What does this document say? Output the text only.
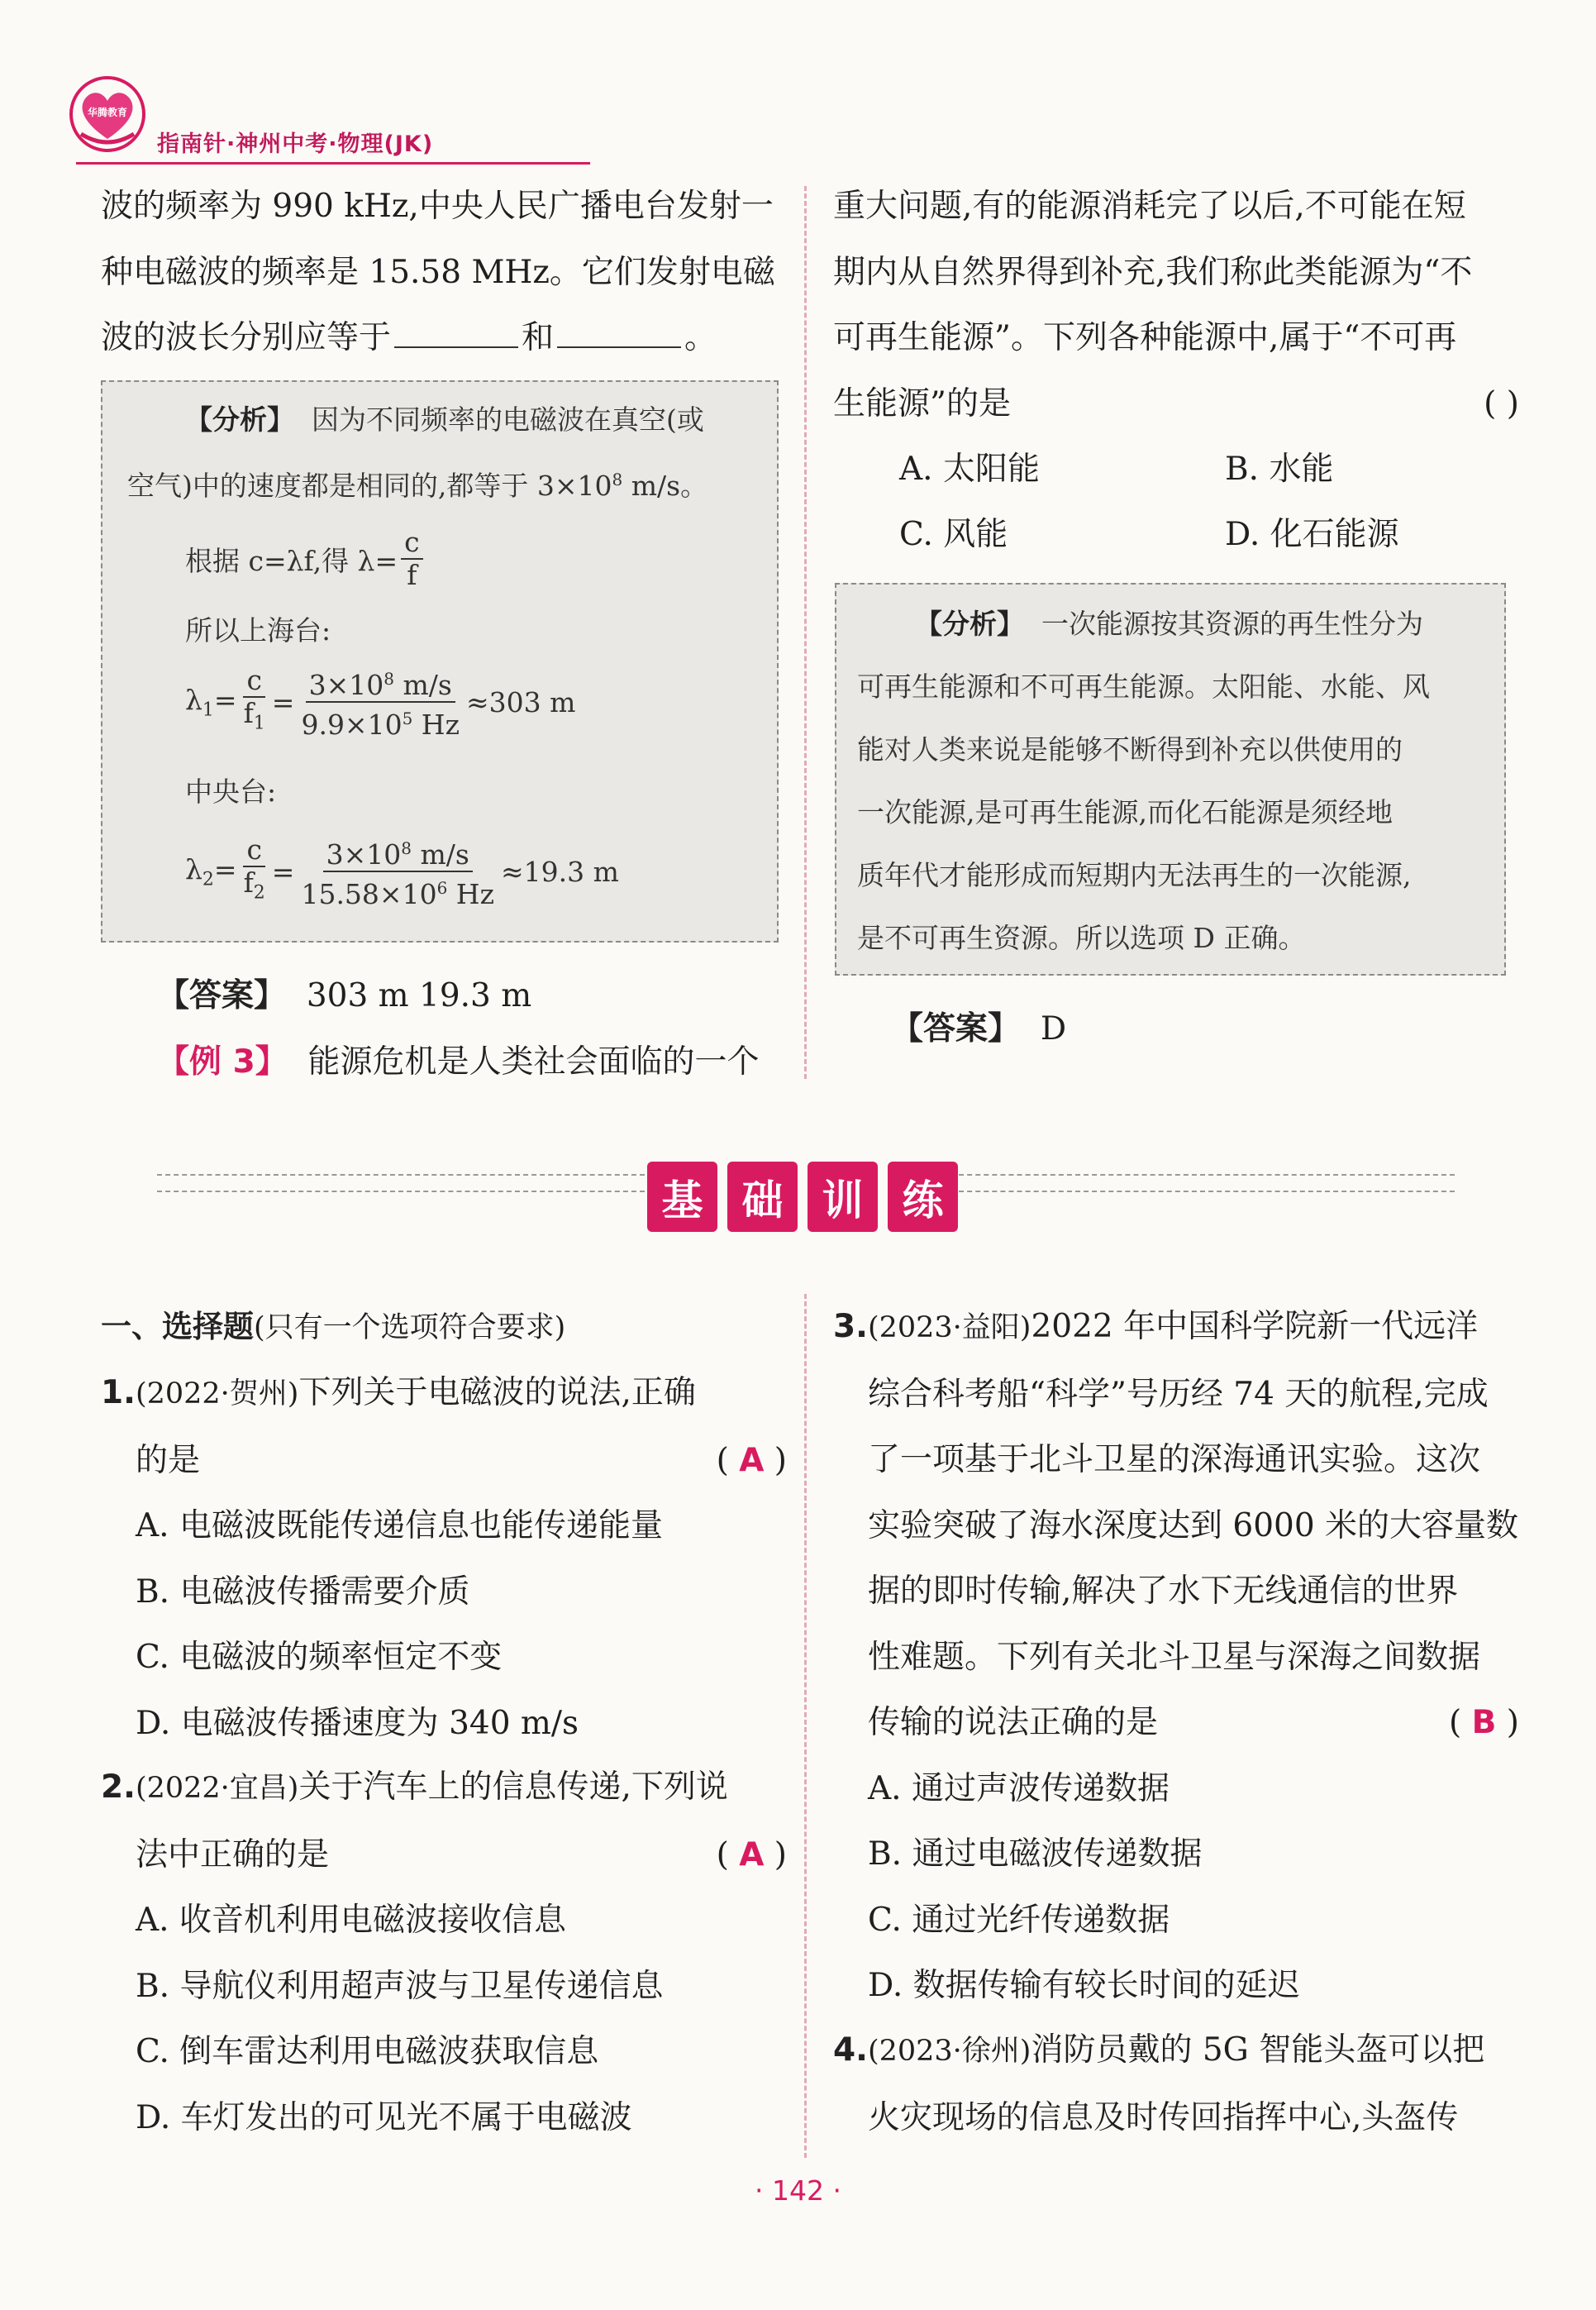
华腾教育
指南针·神州中考·物理(JK)
波的频率为 990 kHz,中央人民广播电台发射一
种电磁波的频率是 15.58 MHz。它们发射电磁
波的波长分别应等于	和	。
【分析】 因为不同频率的电磁波在真空(或
空气)中的速度都是相同的,都等于 $3\times 10^8$ m/s。
根据 c=λf,得 $\lambda= \frac{c}{f}$
所以上海台:
$\lambda_1= \frac{c}{f_1} = \frac{3\times 10^8 m/s}{9.9\times 10^5 Hz} \approx 303$ m
中央台:
$\lambda_2= \frac{c}{f_2} = \frac{3\times 10^8 m/s}{15.58\times 10^6 Hz} \approx 19.3$ m
【答案】 303 m 19.3 m
【例 3】 能源危机是人类社会面临的一个
重大问题,有的能源消耗完了以后,不可能在短
期内从自然界得到补充,我们称此类能源为“不
可再生能源”。下列各种能源中,属于“不可再
生能源”的是	( )
A. 太阳能	B. 水能
C. 风能	D. 化石能源
【分析】 一次能源按其资源的再生性分为
可再生能源和不可再生能源。太阳能、水能、风
能对人类来说是能够不断得到补充以供使用的
一次能源,是可再生能源,而化石能源是须经地
质年代才能形成而短期内无法再生的一次能源,
是不可再生资源。所以选项 D 正确。
【答案】 D
基 础 训 练
一、选择题(只有一个选项符合要求)
1.(2022·贺州)下列关于电磁波的说法,正确
的是	( A )
A. 电磁波既能传递信息也能传递能量
B. 电磁波传播需要介质
C. 电磁波的频率恒定不变
D. 电磁波传播速度为 340 m/s
2.(2022·宜昌)关于汽车上的信息传递,下列说
法中正确的是	( A )
A. 收音机利用电磁波接收信息
B. 导航仪利用超声波与卫星传递信息
C. 倒车雷达利用电磁波获取信息
D. 车灯发出的可见光不属于电磁波
3.(2023·益阳)2022 年中国科学院新一代远洋
综合科考船“科学”号历经 74 天的航程,完成
了一项基于北斗卫星的深海通讯实验。这次
实验突破了海水深度达到 6000 米的大容量数
据的即时传输,解决了水下无线通信的世界
性难题。下列有关北斗卫星与深海之间数据
传输的说法正确的是	( B )
A. 通过声波传递数据
B. 通过电磁波传递数据
C. 通过光纤传递数据
D. 数据传输有较长时间的延迟
4.(2023·徐州)消防员戴的 5G 智能头盔可以把
火灾现场的信息及时传回指挥中心,头盔传
· 142 ·
